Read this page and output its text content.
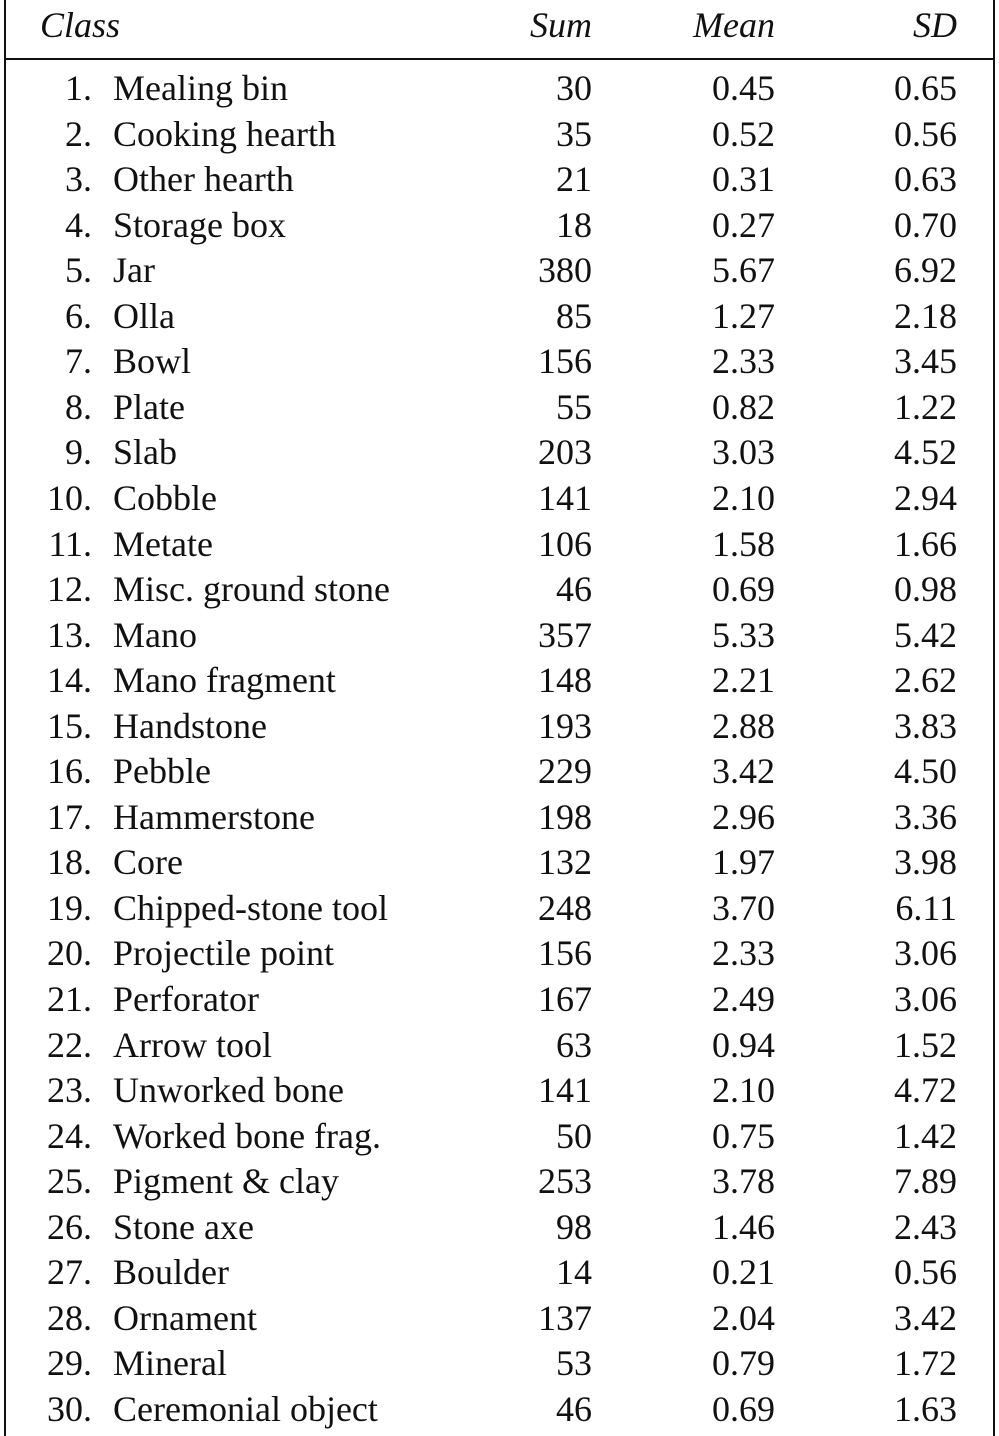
Class	Sum	Mean	SD
1. Mealing bin	30	0.45	0.65
2. Cooking hearth	35	0.52	0.56
3. Other hearth	21	0.31	0.63
4. Storage box	18	0.27	0.70
5. Jar	380	5.67	6.92
6. Olla	85	1.27	2.18
7. Bowl	156	2.33	3.45
8. Plate	55	0.82	1.22
9. Slab	203	3.03	4.52
10. Cobble	141	2.10	2.94
11. Metate	106	1.58	1.66
12. Misc. ground stone	46	0.69	0.98
13. Mano	357	5.33	5.42
14. Mano fragment	148	2.21	2.62
15. Handstone	193	2.88	3.83
16. Pebble	229	3.42	4.50
17. Hammerstone	198	2.96	3.36
18. Core	132	1.97	3.98
19. Chipped-stone tool	248	3.70	6.11
20. Projectile point	156	2.33	3.06
21. Perforator	167	2.49	3.06
22. Arrow tool	63	0.94	1.52
23. Unworked bone	141	2.10	4.72
24. Worked bone frag.	50	0.75	1.42
25. Pigment & clay	253	3.78	7.89
26. Stone axe	98	1.46	2.43
27. Boulder	14	0.21	0.56
28. Ornament	137	2.04	3.42
29. Mineral	53	0.79	1.72
30. Ceremonial object	46	0.69	1.63
